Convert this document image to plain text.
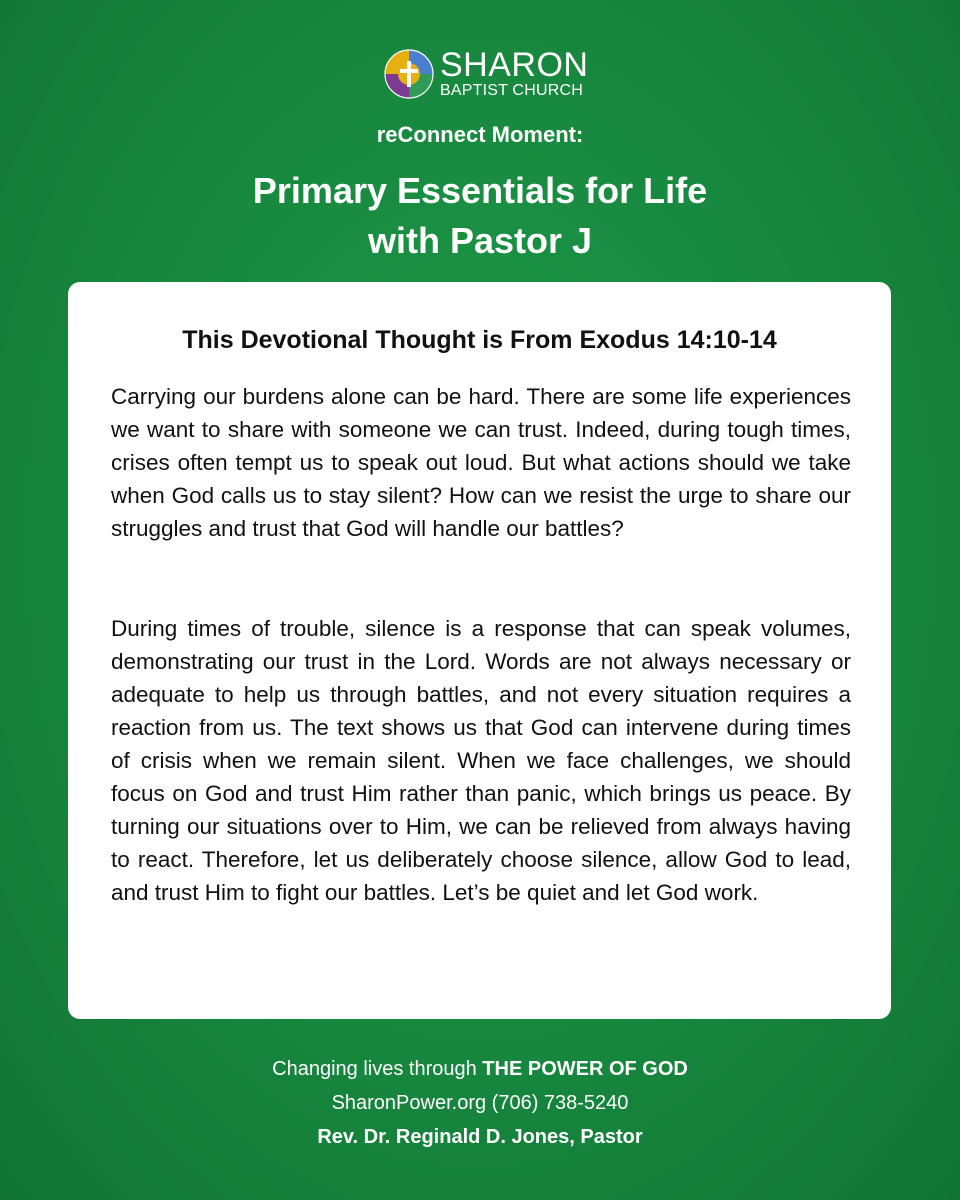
SHARON
BAPTIST CHURCH
reConnect Moment:
Primary Essentials for Life
with Pastor J
This Devotional Thought is From Exodus 14:10-14

Carrying our burdens alone can be hard. There are some life experiences we want to share with someone we can trust. Indeed, during tough times, crises often tempt us to speak out loud. But what actions should we take when God calls us to stay silent? How can we resist the urge to share our struggles and trust that God will handle our battles?

During times of trouble, silence is a response that can speak volumes, demonstrating our trust in the Lord. Words are not always necessary or adequate to help us through battles, and not every situation requires a reaction from us. The text shows us that God can intervene during times of crisis when we remain silent. When we face challenges, we should focus on God and trust Him rather than panic, which brings us peace. By turning our situations over to Him, we can be relieved from always having to react. Therefore, let us deliberately choose silence, allow God to lead, and trust Him to fight our battles. Let’s be quiet and let God work.

Changing lives through THE POWER OF GOD
SharonPower.org (706) 738-5240
Rev. Dr. Reginald D. Jones, Pastor
